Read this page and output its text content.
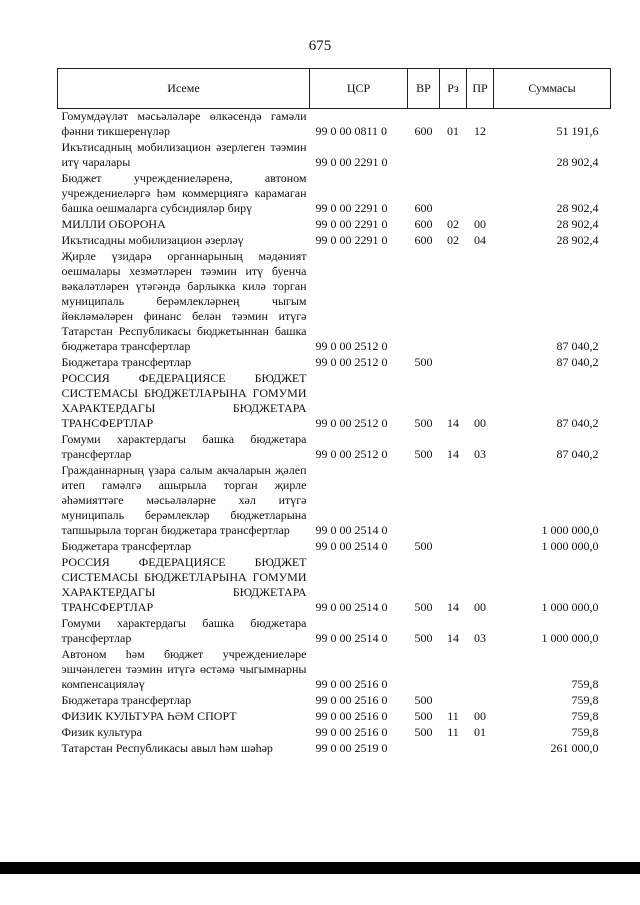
675
Исеме	ЦСР	ВР	Рз	ПР	Суммасы
Гомумдәүләт мәсьәләләре өлкәсендә гамәли фәнни тикшеренүләр	99 0 00 0811 0	600	01	12	51 191,6
Икътисадның мобилизацион әзерлеген тәэмин итү чаралары	99 0 00 2291 0				28 902,4
Бюджет учреждениеләренә, автоном учреждениеләргә һәм коммерциягә карамаган башка оешмаларга субсидияләр бирү	99 0 00 2291 0	600			28 902,4
МИЛЛИ ОБОРОНА	99 0 00 2291 0	600	02	00	28 902,4
Икътисадны мобилизацион әзерләү	99 0 00 2291 0	600	02	04	28 902,4
Җирле үзидарә органнарының мәдәният оешмалары хезмәтләрен тәэмин итү буенча вәкаләтләрен үтәгәндә барлыкка килә торган муниципаль берәмлекләрнең чыгым йөкләмәләрен финанс белән тәэмин итүгә Татарстан Республикасы бюджетыннан башка бюджетара трансфертлар	99 0 00 2512 0				87 040,2
Бюджетара трансфертлар	99 0 00 2512 0	500			87 040,2
РОССИЯ ФЕДЕРАЦИЯСЕ БЮДЖЕТ СИСТЕМАСЫ БЮДЖЕТЛАРЫНА ГОМУМИ ХАРАКТЕРДАГЫ БЮДЖЕТАРА ТРАНСФЕРТЛАР	99 0 00 2512 0	500	14	00	87 040,2
Гомуми характердагы башка бюджетара трансфертлар	99 0 00 2512 0	500	14	03	87 040,2
Гражданнарның үзара салым акчаларын җәлеп итеп гамәлгә ашырыла торган җирле әһәмияттәге мәсьәләләрне хәл итүгә муниципаль берәмлекләр бюджетларына тапшырыла торган бюджетара трансфертлар	99 0 00 2514 0				1 000 000,0
Бюджетара трансфертлар	99 0 00 2514 0	500			1 000 000,0
РОССИЯ ФЕДЕРАЦИЯСЕ БЮДЖЕТ СИСТЕМАСЫ БЮДЖЕТЛАРЫНА ГОМУМИ ХАРАКТЕРДАГЫ БЮДЖЕТАРА ТРАНСФЕРТЛАР	99 0 00 2514 0	500	14	00	1 000 000,0
Гомуми характердагы башка бюджетара трансфертлар	99 0 00 2514 0	500	14	03	1 000 000,0
Автоном һәм бюджет учреждениеләре эшчәнлеген тәэмин итүгә өстәмә чыгымнарны компенсацияләү	99 0 00 2516 0				759,8
Бюджетара трансфертлар	99 0 00 2516 0	500			759,8
ФИЗИК КУЛЬТУРА ҺӘМ СПОРТ	99 0 00 2516 0	500	11	00	759,8
Физик культура	99 0 00 2516 0	500	11	01	759,8
Татарстан Республикасы авыл һәм шәһәр	99 0 00 2519 0				261 000,0
